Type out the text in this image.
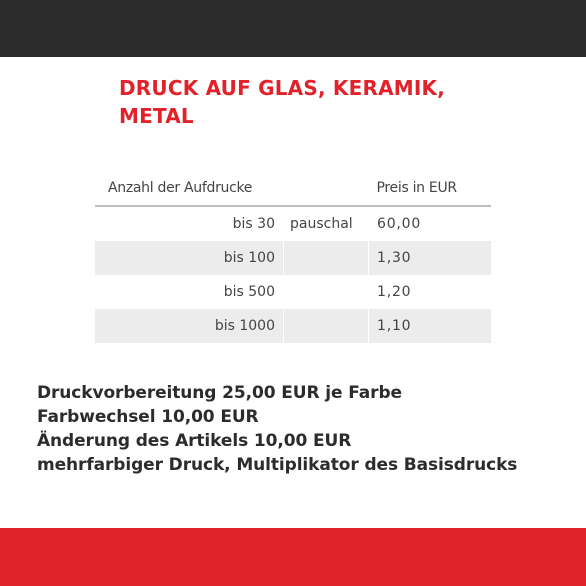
DRUCK AUF GLAS, KERAMIK,
METAL
Anzahl der Aufdrucke		Preis in EUR
bis 30	pauschal	60,00
bis 100		1,30
bis 500		1,20
bis 1000		1,10

Druckvorbereitung 25,00 EUR je Farbe
Farbwechsel 10,00 EUR
Änderung des Artikels 10,00 EUR
mehrfarbiger Druck, Multiplikator des Basisdrucks
